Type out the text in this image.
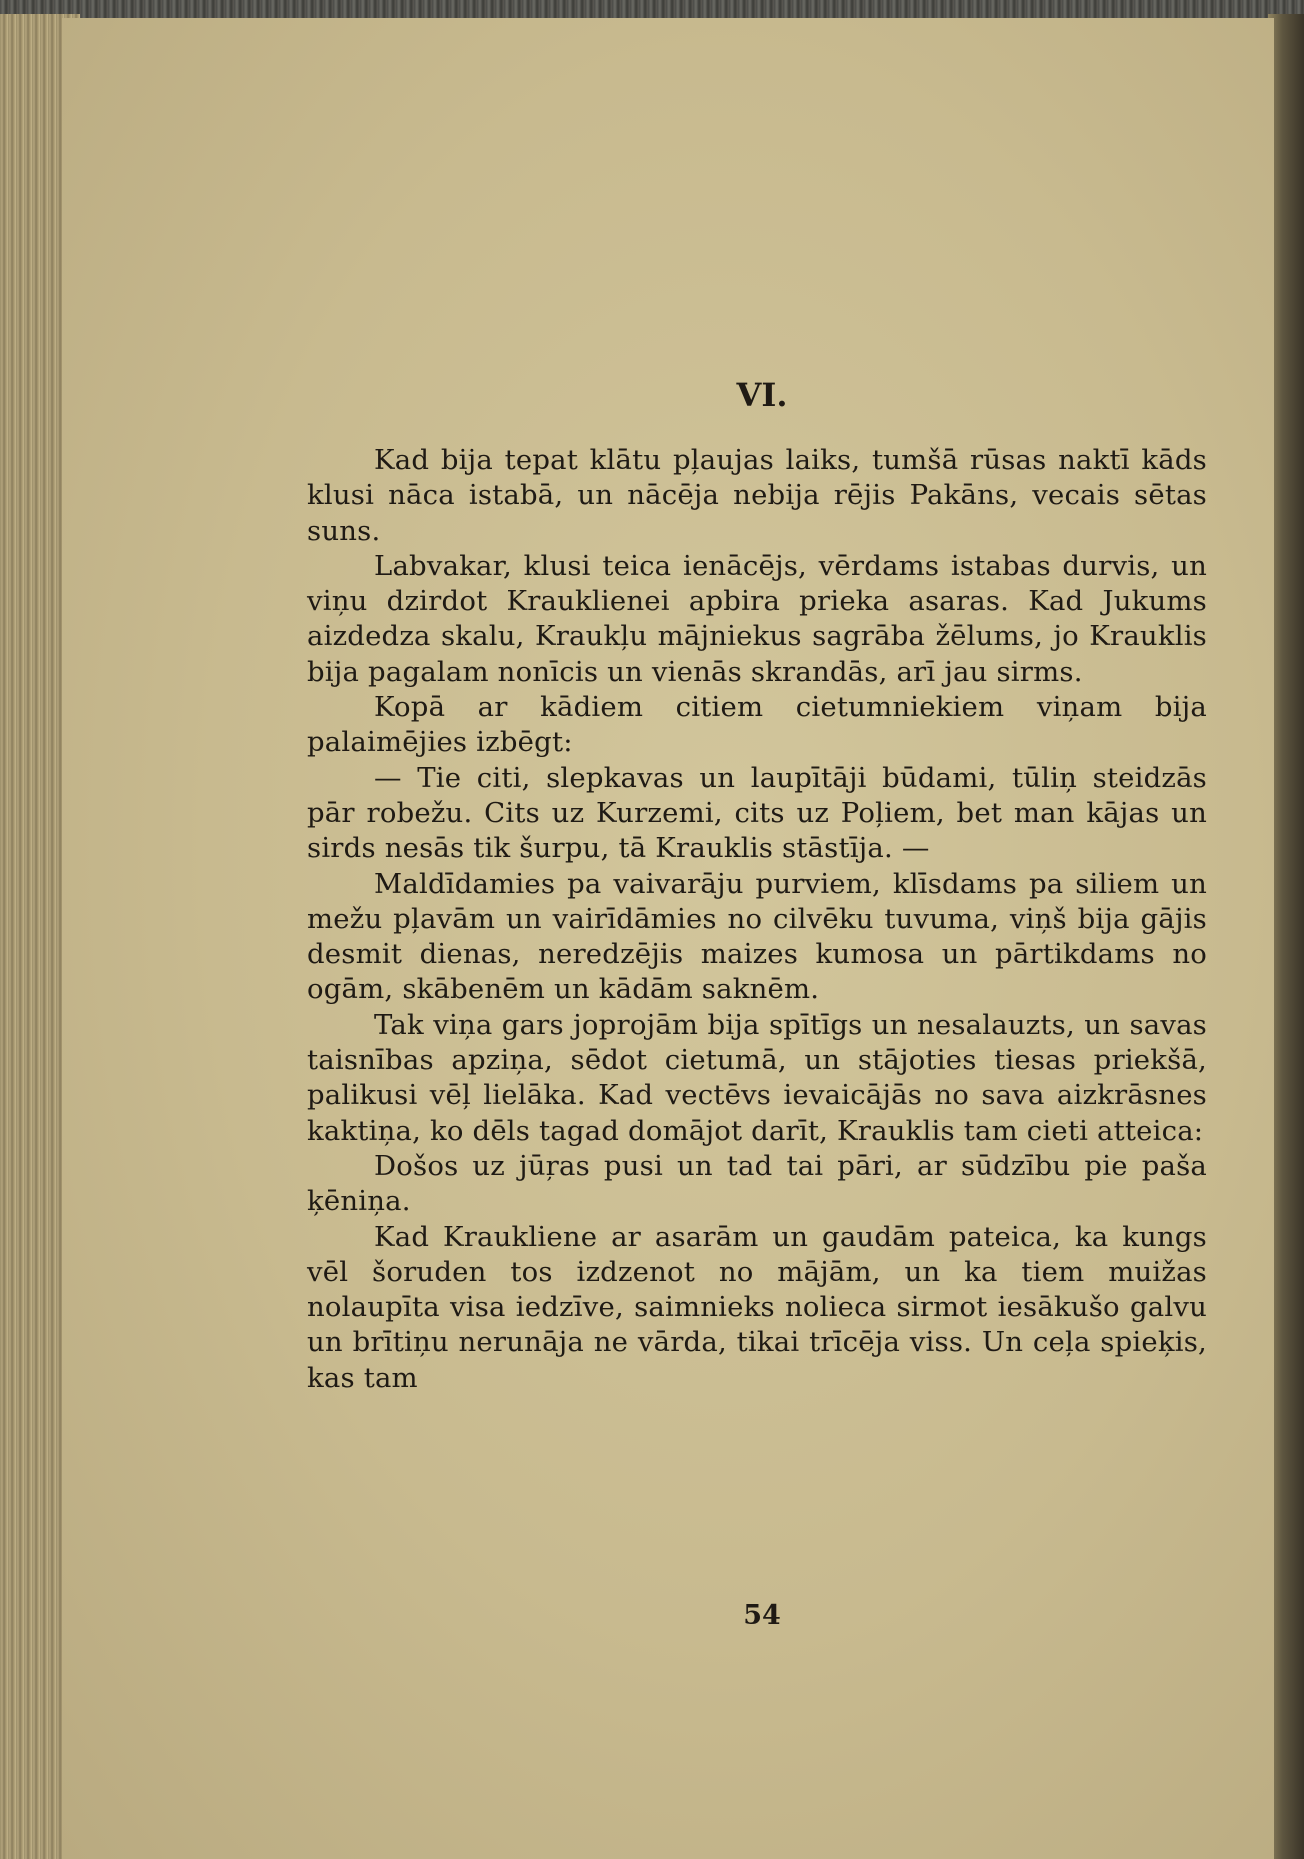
VI.

Kad bija tepat klātu pļaujas laiks, tumšā rūsas naktī kāds klusi nāca istabā, un nācēja nebija rējis Pakāns, vecais sētas suns.

Labvakar, klusi teica ienācējs, vērdams istabas durvis, un viņu dzirdot Krauklienei apbira prieka asaras. Kad Jukums aizdedza skalu, Kraukļu mājniekus sagrāba žēlums, jo Krauklis bija pagalam nonīcis un vienās skrandās, arī jau sirms.

Kopā ar kādiem citiem cietumniekiem viņam bija palaimējies izbēgt:

— Tie citi, slepkavas un laupītāji būdami, tūliņ steidzās pār robežu. Cits uz Kurzemi, cits uz Poļiem, bet man kājas un sirds nesās tik šurpu, tā Krauklis stāstīja. —

Maldīdamies pa vaivarāju purviem, klīsdams pa siliem un mežu pļavām un vairīdāmies no cilvēku tuvuma, viņš bija gājis desmit dienas, neredzējis maizes kumosa un pārtikdams no ogām, skābenēm un kādām saknēm.

Tak viņa gars joprojām bija spītīgs un nesalauzts, un savas taisnības apziņa, sēdot cietumā, un stājoties tiesas priekšā, palikusi vēļ lielāka. Kad vectēvs ievaicājās no sava aizkrāsnes kaktiņa, ko dēls tagad domājot darīt, Krauklis tam cieti atteica:

Došos uz jūŗas pusi un tad tai pāri, ar sūdzību pie paša ķēniņa.

Kad Kraukliene ar asarām un gaudām pateica, ka kungs vēl šoruden tos izdzenot no mājām, un ka tiem muižas nolaupīta visa iedzīve, saimnieks nolieca sirmot iesākušo galvu un brītiņu nerunāja ne vārda, tikai trīcēja viss. Un ceļa spieķis, kas tam

54
